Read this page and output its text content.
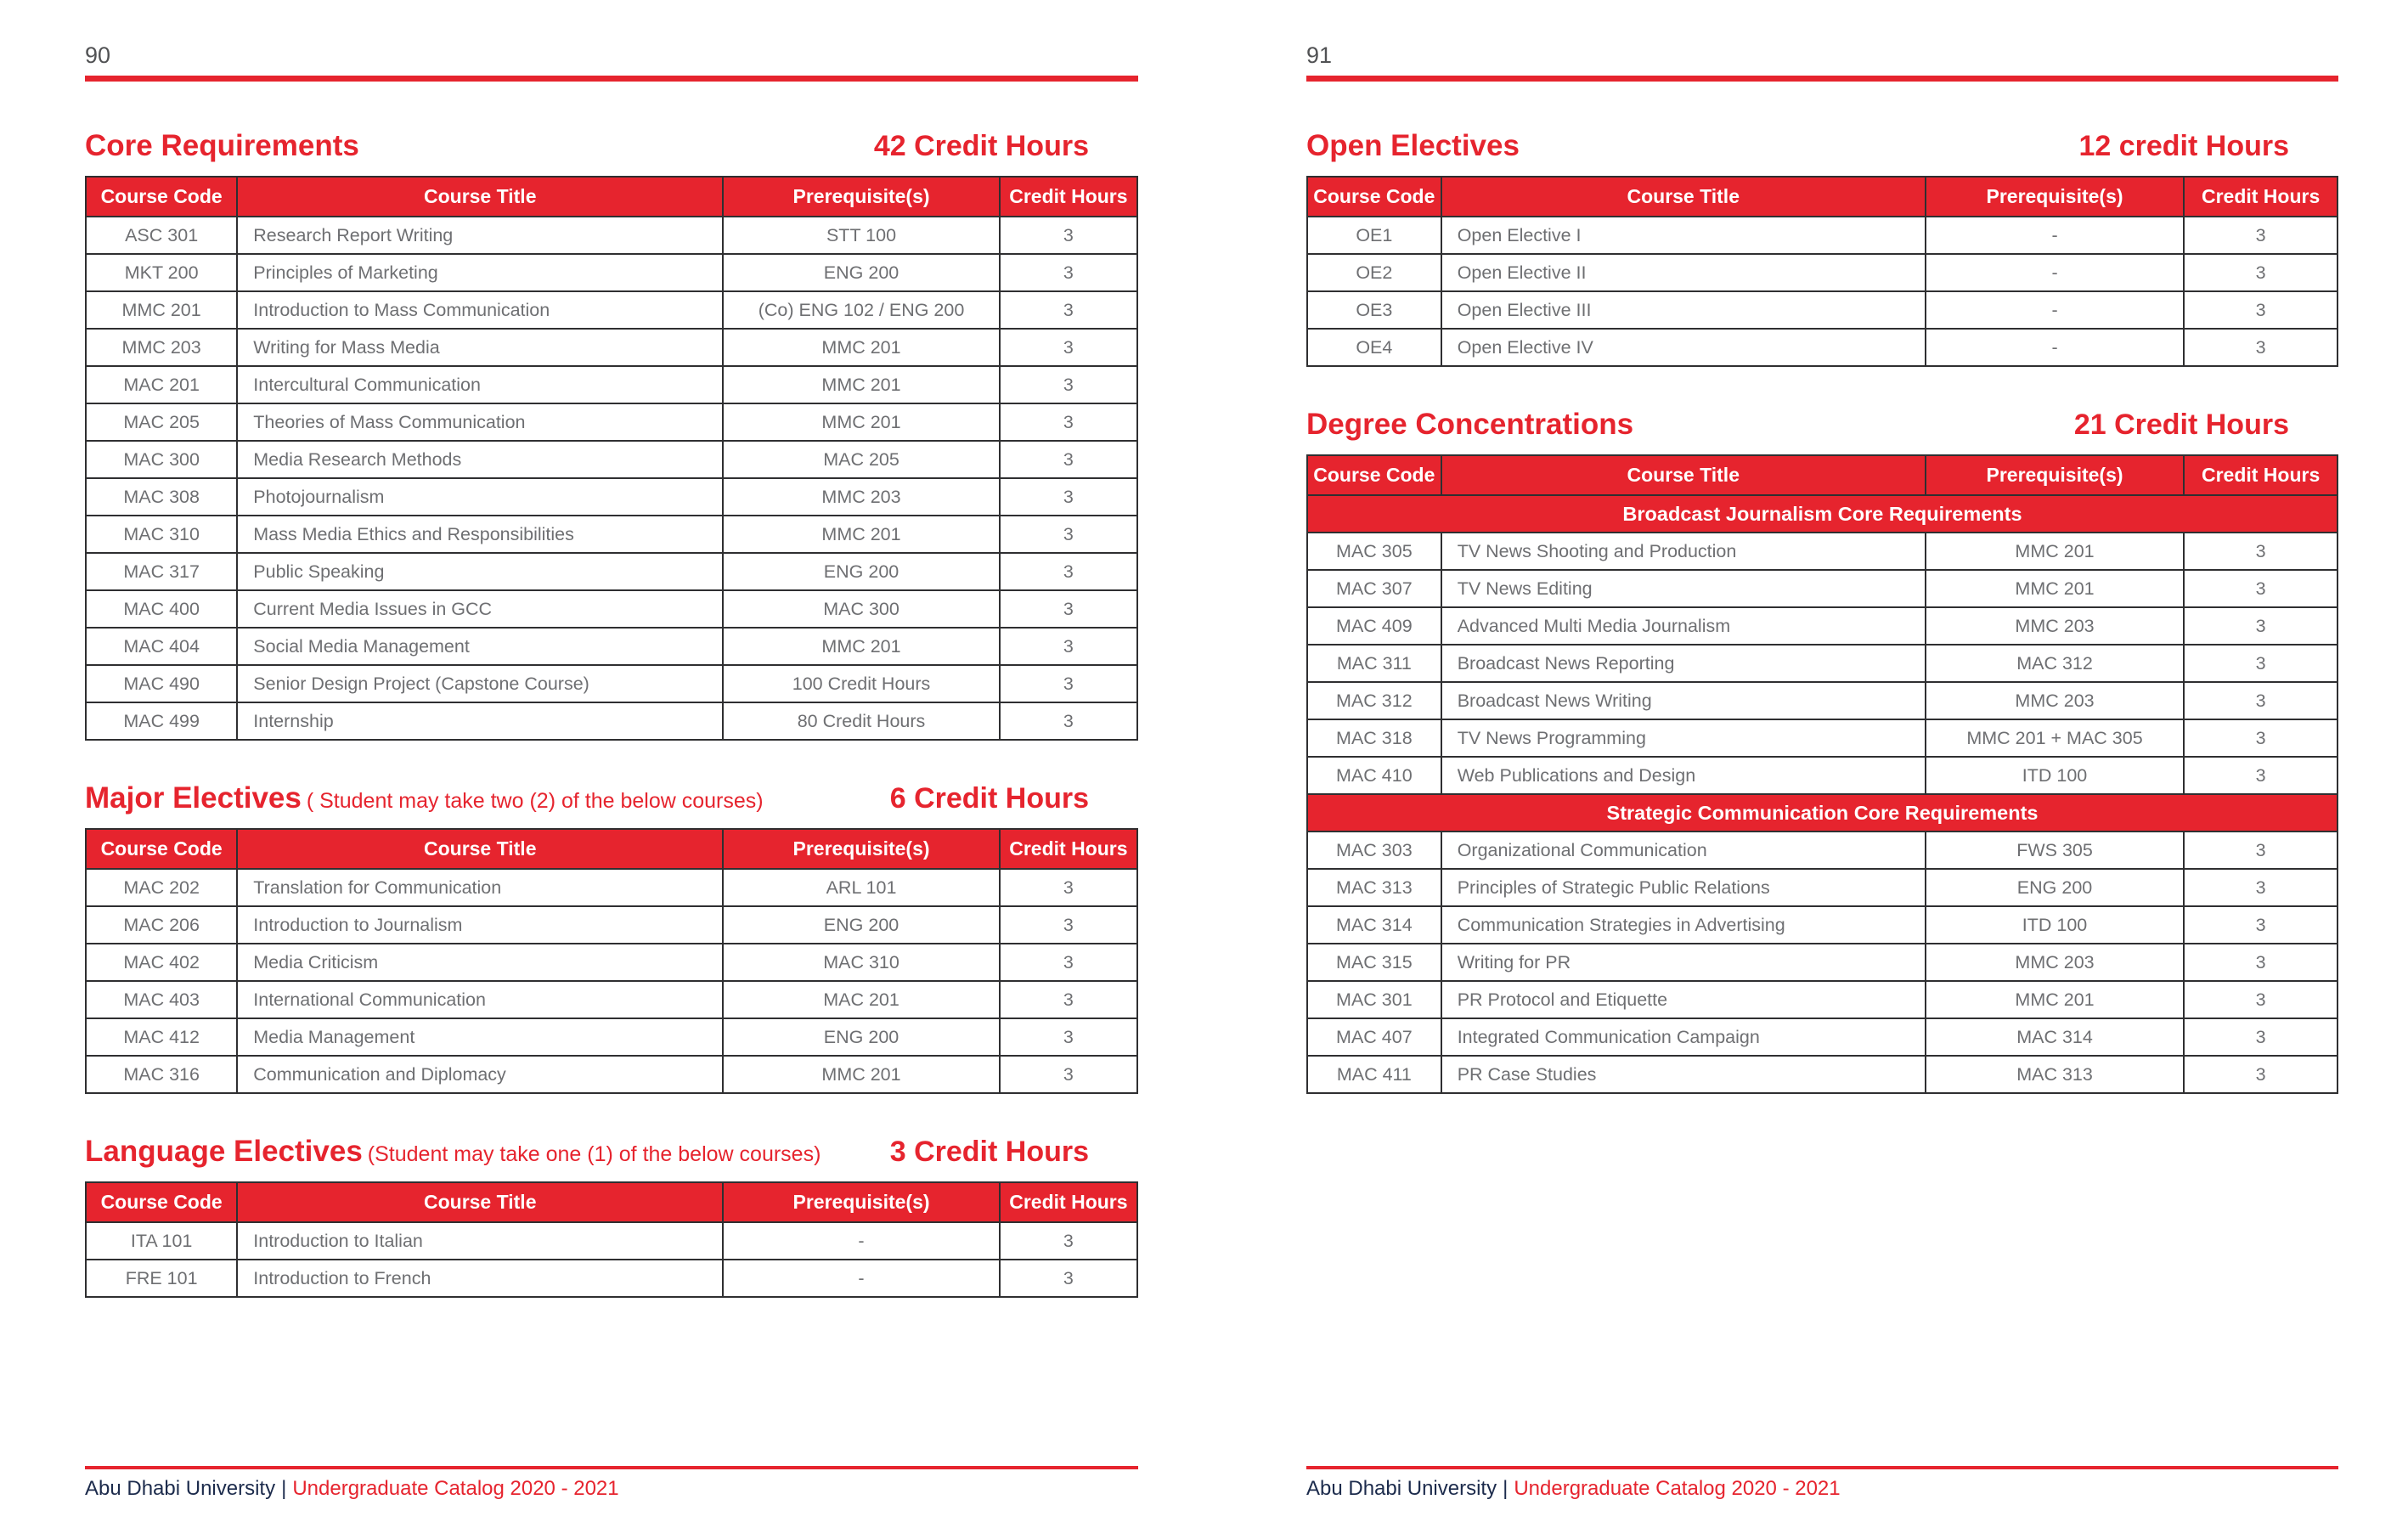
90
Core Requirements	42 Credit Hours
Course Code	Course Title	Prerequisite(s)	Credit Hours
ASC 301	Research Report Writing	STT 100	3
MKT 200	Principles of Marketing	ENG 200	3
MMC 201	Introduction to Mass Communication	(Co) ENG 102 / ENG 200	3
MMC 203	Writing for Mass Media	MMC 201	3
MAC 201	Intercultural Communication	MMC 201	3
MAC 205	Theories of Mass Communication	MMC 201	3
MAC 300	Media Research Methods	MAC 205	3
MAC 308	Photojournalism	MMC 203	3
MAC 310	Mass Media Ethics and Responsibilities	MMC 201	3
MAC 317	Public Speaking	ENG 200	3
MAC 400	Current Media Issues in GCC	MAC 300	3
MAC 404	Social Media Management	MMC 201	3
MAC 490	Senior Design Project (Capstone Course)	100 Credit Hours	3
MAC 499	Internship	80 Credit Hours	3
Major Electives ( Student may take two (2) of the below courses)	6 Credit Hours
Course Code	Course Title	Prerequisite(s)	Credit Hours
MAC 202	Translation for Communication	ARL 101	3
MAC 206	Introduction to Journalism	ENG 200	3
MAC 402	Media Criticism	MAC 310	3
MAC 403	International Communication	MAC 201	3
MAC 412	Media Management	ENG 200	3
MAC 316	Communication and Diplomacy	MMC 201	3
Language Electives (Student may take one (1) of the below courses) 3 Credit Hours
Course Code	Course Title	Prerequisite(s)	Credit Hours
ITA 101	Introduction to Italian	-	3
FRE 101	Introduction to French	-	3
Abu Dhabi University | Undergraduate Catalog 2020 - 2021
91
Open Electives	12 credit Hours
Course Code	Course Title	Prerequisite(s)	Credit Hours
OE1	Open Elective I	-	3
OE2	Open Elective II	-	3
OE3	Open Elective III	-	3
OE4	Open Elective IV	-	3
Degree Concentrations	21 Credit Hours
Course Code	Course Title	Prerequisite(s)	Credit Hours
Broadcast Journalism Core Requirements			
MAC 305	TV News Shooting and Production	MMC 201	3
MAC 307	TV News Editing	MMC 201	3
MAC 409	Advanced Multi Media Journalism	MMC 203	3
MAC 311	Broadcast News Reporting	MAC 312	3
MAC 312	Broadcast News Writing	MMC 203	3
MAC 318	TV News Programming	MMC 201 + MAC 305	3
MAC 410	Web Publications and Design	ITD 100	3
Strategic Communication Core Requirements			
MAC 303	Organizational Communication	FWS 305	3
MAC 313	Principles of Strategic Public Relations	ENG 200	3
MAC 314	Communication Strategies in Advertising	ITD 100	3
MAC 315	Writing for PR	MMC 203	3
MAC 301	PR Protocol and Etiquette	MMC 201	3
MAC 407	Integrated Communication Campaign	MAC 314	3
MAC 411	PR Case Studies	MAC 313	3
Abu Dhabi University | Undergraduate Catalog 2020 - 2021
